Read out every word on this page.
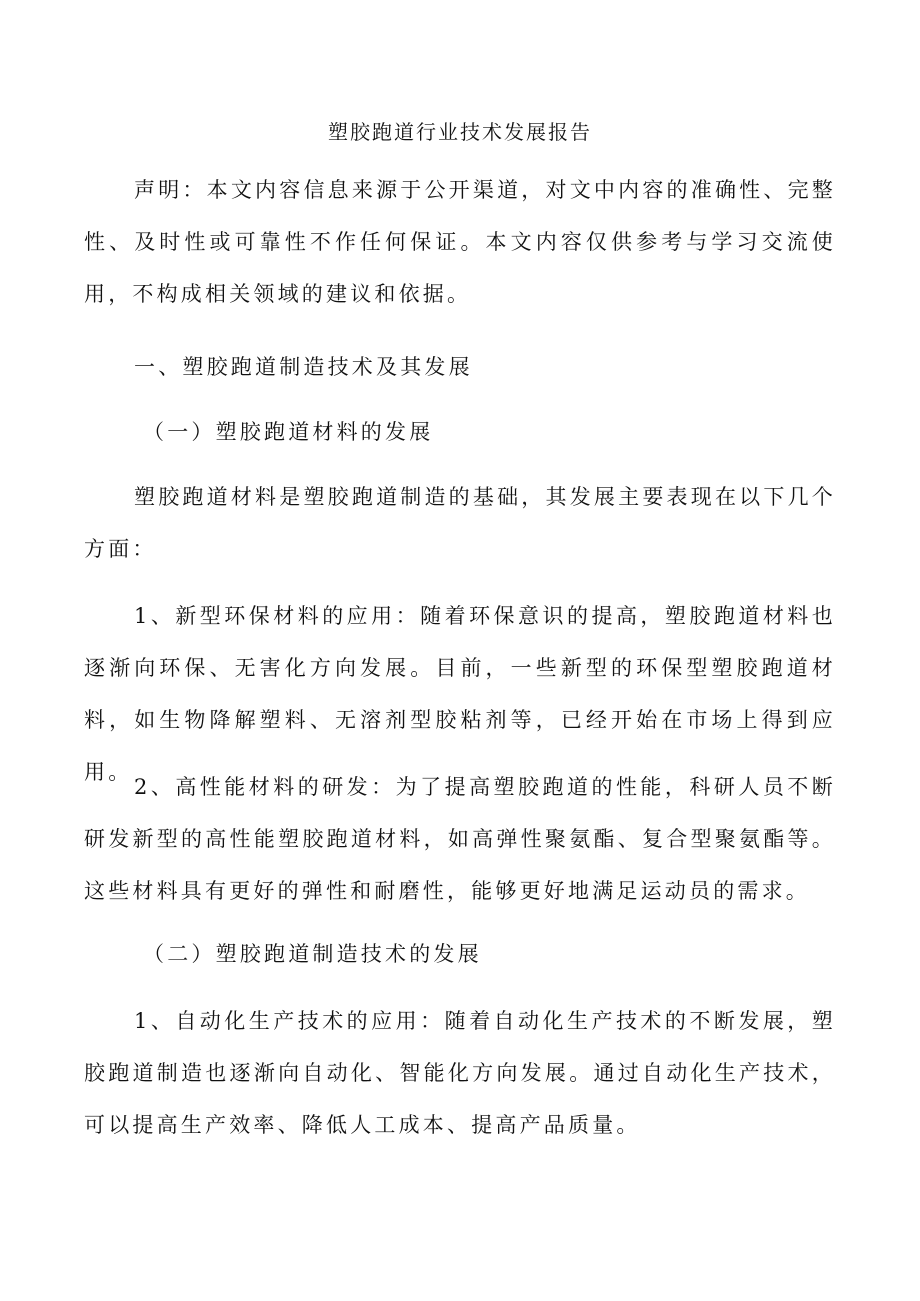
塑胶跑道行业技术发展报告

声明：本文内容信息来源于公开渠道，对文中内容的准确性、完整性、及时性或可靠性不作任何保证。本文内容仅供参考与学习交流使用，不构成相关领域的建议和依据。

一、塑胶跑道制造技术及其发展
（一）塑胶跑道材料的发展

塑胶跑道材料是塑胶跑道制造的基础，其发展主要表现在以下几个方面：

1、新型环保材料的应用：随着环保意识的提高，塑胶跑道材料也逐渐向环保、无害化方向发展。目前，一些新型的环保型塑胶跑道材料，如生物降解塑料、无溶剂型胶粘剂等，已经开始在市场上得到应用。

2、高性能材料的研发：为了提高塑胶跑道的性能，科研人员不断研发新型的高性能塑胶跑道材料，如高弹性聚氨酯、复合型聚氨酯等。这些材料具有更好的弹性和耐磨性，能够更好地满足运动员的需求。

（二）塑胶跑道制造技术的发展

1、自动化生产技术的应用：随着自动化生产技术的不断发展，塑胶跑道制造也逐渐向自动化、智能化方向发展。通过自动化生产技术，可以提高生产效率、降低人工成本、提高产品质量。
